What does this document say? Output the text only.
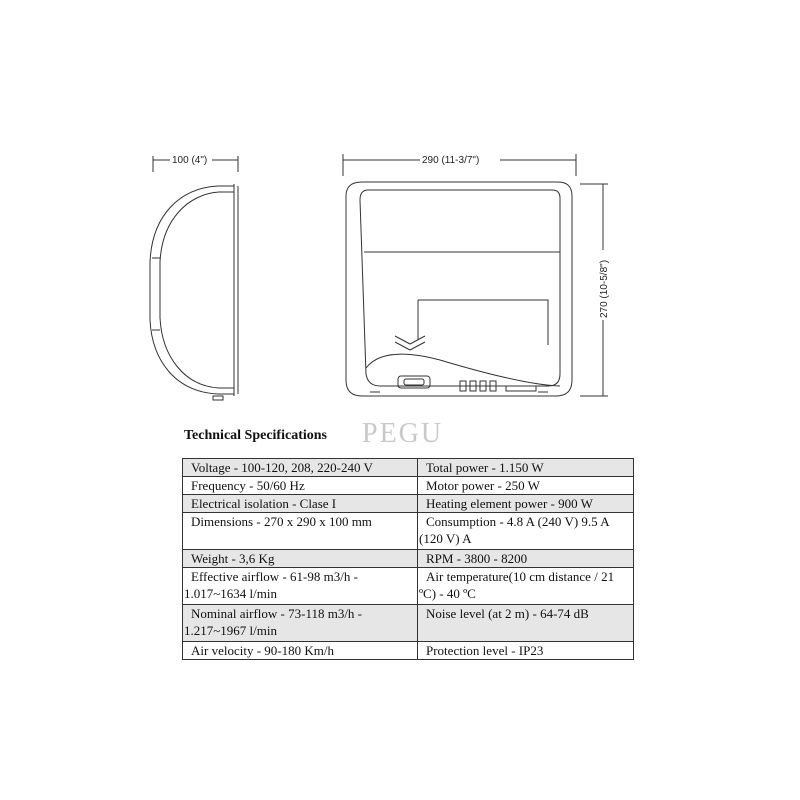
100 (4")	290 (11-3/7")
270 (10-5/8")
PEGU
Technical Specifications
Voltage - 100-120, 208, 220-240 V	Total power - 1.150 W

Frequency - 50/60 Hz	Motor power - 250 W

Electrical isolation - Clase I	Heating element power - 900 W

Dimensions - 270 x 290 x 100 mm	Consumption - 4.8 A (240 V) 9.5 A
(120 V) A

Weight - 3,6 Kg	RPM - 3800 - 8200

Effective airflow - 61-98 m3/h -
1.017~1634 l/min	Air temperature(10 cm distance / 21
ºC) - 40 ºC

Nominal airflow - 73-118 m3/h -
1.217~1967 l/min	Noise level (at 2 m) - 64-74 dB

Air velocity - 90-180 Km/h	Protection level - IP23
